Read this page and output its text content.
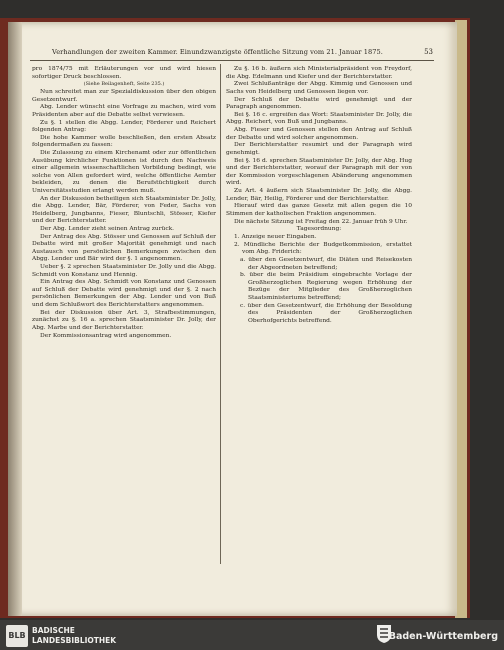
Verhandlungen der zweiten Kammer. Einundzwanzigste öffentliche Sitzung vom 21. Januar 1875.	53

pro 1874/75 mit Erläuterungen vor und wird hiesen sofortiger Druck beschlossen.

(Siehe Beilagenheft, Seite 235.)

Nun schreitet man zur Spezialdiskussion über den obigen Gesetzentwurf.

Abg. Lender wünscht eine Vorfrage zu machen, wird vom Präsidenten aber auf die Debatte selbst verwiesen.

Zu §. 1 stellen die Abgg. Lender, Förderer und Reichert folgenden Antrag:

Die hohe Kammer wolle beschließen, den ersten Absatz folgendermaßen zu fassen:

Die Zulassung zu einem Kirchenamt oder zur öffentlichen Ausübung kirchlicher Funktionen ist durch den Nachweis einer allgemein wissenschaftlichen Vorbildung bedingt, wie solche von Allen gefordert wird, welche öffentliche Aemter bekleiden, zu denen die Berufstüchtigkeit durch Universitätsstudien erlangt werden muß.

An der Diskussion betheiligen sich Staatsminister Dr. Jolly, die Abgg. Lender, Bär, Förderer, von Feder, Sachs von Heidelberg, Jungbanns, Fieser, Bluntschli, Stösser, Kiefer und der Berichterstatter.

Der Abg. Lender zieht seinen Antrag zurück.

Der Antrag des Abg. Stösser und Genossen auf Schluß der Debatte wird mit großer Majorität genehmigt und nach Austausch von persönlichen Bemerkungen zwischen den Abgg. Lender und Bär wird der §. 1 angenommen.

Ueber §. 2 sprechen Staatsminister Dr. Jolly und die Abgg. Schmidt von Konstanz und Hennig.

Ein Antrag des Abg. Schmidt von Konstanz und Genossen auf Schluß der Debatte wird genehmigt und der §. 2 nach persönlichen Bemerkungen der Abg. Lender und von Buß und dem Schlußwort des Berichterstatters angenommen.

Bei der Diskussion über Art. 3, Strafbestimmungen, zunächst zu §. 16 a. sprechen Staatsminister Dr. Jolly, der Abg. Marbe und der Berichterstatter.

Der Kommissionsantrag wird angenommen.

Zu §. 16 b. äußern sich Ministerialpräsident von Freydorf, die Abg. Edelmann und Kiefer und der Berichterstatter.

Zwei Schlußanträge der Abgg. Kimmig und Genossen und Sachs von Heidelberg und Genossen liegen vor.

Der Schluß der Debatte wird genehmigt und der Paragraph angenommen.

Bei §. 16 c. ergreifen das Wort: Staatsminister Dr. Jolly, die Abgg. Reichert, von Buß und Jungbanns.

Abg. Fieser und Genossen stellen den Antrag auf Schluß der Debatte und wird solcher angenommen.

Der Berichterstatter resumirt und der Paragraph wird genehmigt.

Bei §. 16 d. sprechen Staatsminister Dr. Jolly, der Abg. Hug und der Berichterstatter, worauf der Paragraph mit der von der Kommission vorgeschlagenen Abänderung angenommen wird.

Zu Art. 4 äußern sich Staatsminister Dr. Jolly, die Abgg. Lender, Bär, Heilig, Förderer und der Berichterstatter.

Hierauf wird das ganze Gesetz mit allen gegen die 10 Stimmen der katholischen Fraktion angenommen.

Die nächste Sitzung ist Freitag den 22. Januar früh 9 Uhr.

Tagesordnung:

1. Anzeige neuer Eingaben.

2. Mündliche Berichte der Budgetkommission, erstattet vom Abg. Friderich:

a. über den Gesetzentwurf, die Diäten und Reisekosten der Abgeordneten betreffend;

b. über die beim Präsidium eingebrachte Vorlage der Großherzoglichen Regierung wegen Erhöhung der Bezüge der Mitglieder des Großherzoglichen Staatsministeriums betreffend;

c. über den Gesetzentwurf, die Erhöhung der Besoldung des Präsidenten der Großherzoglichen Oberhofgerichts betreffend.

BLB
BADISCHE
LANDESBIBLIOTHEK	Baden-Württemberg
